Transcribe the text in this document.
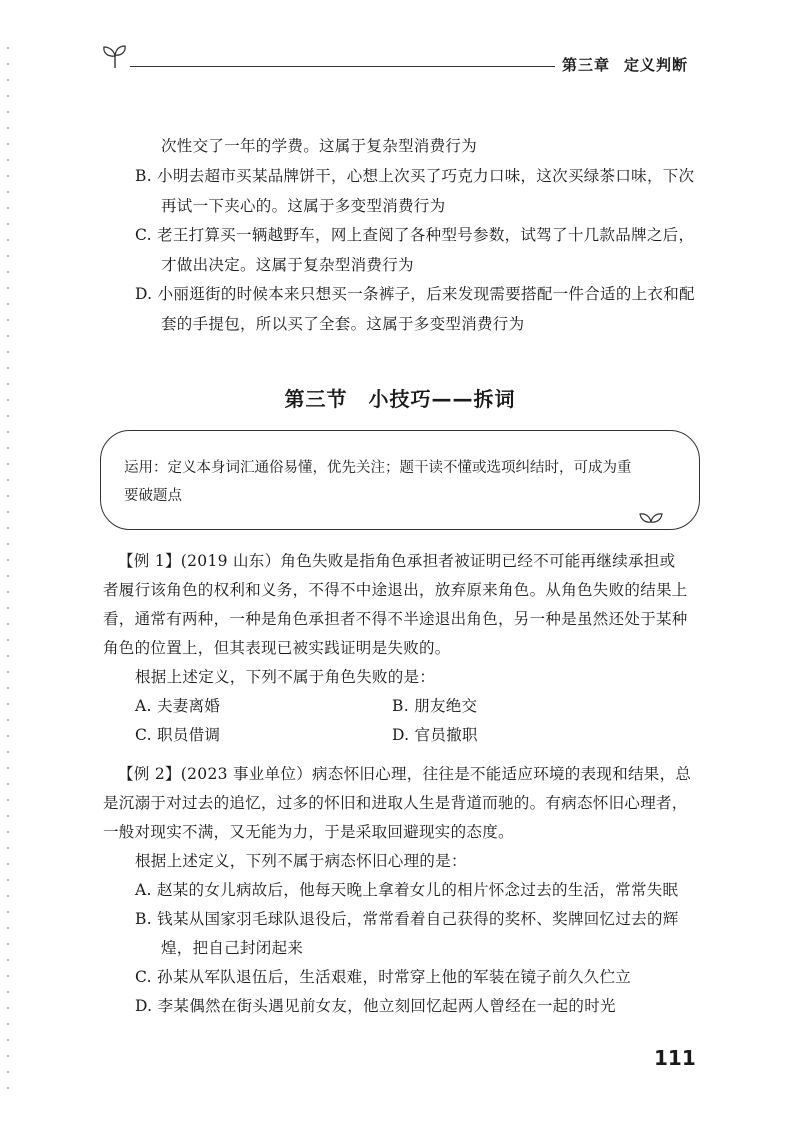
第三章 定义判断
次性交了一年的学费。这属于复杂型消费行为
B. 小明去超市买某品牌饼干，心想上次买了巧克力口味，这次买绿茶口味，下次
再试一下夹心的。这属于多变型消费行为
C. 老王打算买一辆越野车，网上查阅了各种型号参数，试驾了十几款品牌之后，
才做出决定。这属于复杂型消费行为
D. 小丽逛街的时候本来只想买一条裤子，后来发现需要搭配一件合适的上衣和配
套的手提包，所以买了全套。这属于多变型消费行为
第三节　小技巧——拆词
运用：定义本身词汇通俗易懂，优先关注；题干读不懂或选项纠结时，可成为重
要破题点
【例 1】(2019 山东）角色失败是指角色承担者被证明已经不可能再继续承担或
者履行该角色的权利和义务，不得不中途退出，放弃原来角色。从角色失败的结果上
看，通常有两种，一种是角色承担者不得不半途退出角色，另一种是虽然还处于某种
角色的位置上，但其表现已被实践证明是失败的。
根据上述定义，下列不属于角色失败的是：
A. 夫妻离婚	B. 朋友绝交
C. 职员借调	D. 官员撤职
【例 2】(2023 事业单位）病态怀旧心理，往往是不能适应环境的表现和结果，总
是沉溺于对过去的追忆，过多的怀旧和进取人生是背道而驰的。有病态怀旧心理者，
一般对现实不满，又无能为力，于是采取回避现实的态度。
根据上述定义，下列不属于病态怀旧心理的是：
A. 赵某的女儿病故后，他每天晚上拿着女儿的相片怀念过去的生活，常常失眠
B. 钱某从国家羽毛球队退役后，常常看着自己获得的奖杯、奖牌回忆过去的辉
煌，把自己封闭起来
C. 孙某从军队退伍后，生活艰难，时常穿上他的军装在镜子前久久伫立
D. 李某偶然在街头遇见前女友，他立刻回忆起两人曾经在一起的时光
111
